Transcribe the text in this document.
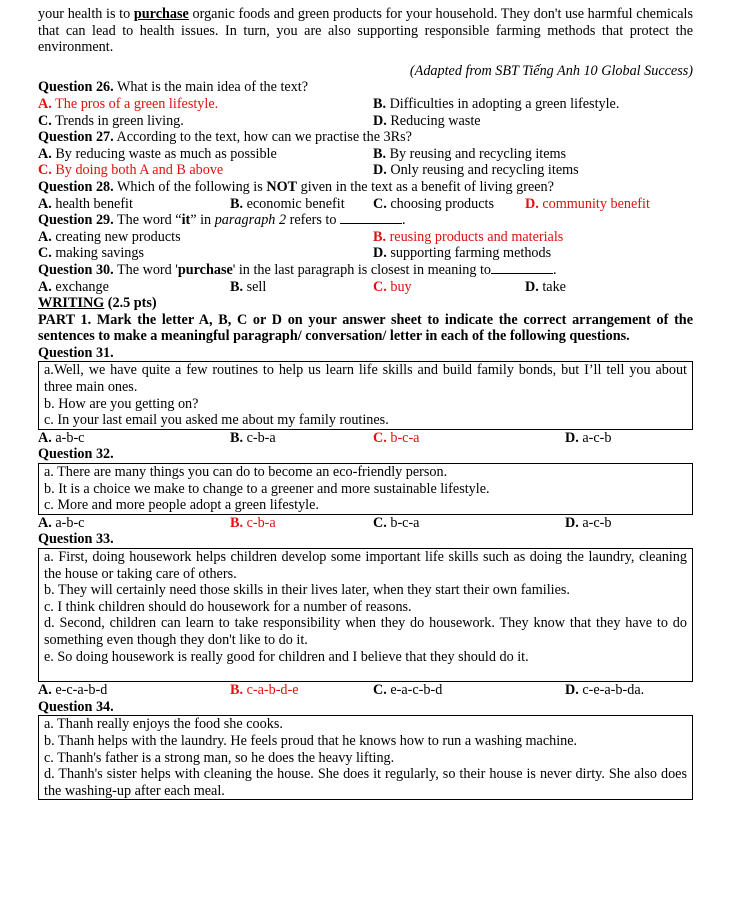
your health is to purchase organic foods and green products for your household. They don't use harmful chemicals that can lead to health issues. In turn, you are also supporting responsible farming methods that protect the environment.
(Adapted from SBT Tiếng Anh 10 Global Success)
Question 26. What is the main idea of the text?
A. The pros of a green lifestyle.	B. Difficulties in adopting a green lifestyle.
C. Trends in green living.	D. Reducing waste
Question 27. According to the text, how can we practise the 3Rs?
A. By reducing waste as much as possible	B. By reusing and recycling items
C. By doing both A and B above	D. Only reusing and recycling items
Question 28. Which of the following is NOT given in the text as a benefit of living green?
A. health benefit	B. economic benefit C. choosing products D. community benefit
Question 29. The word “it” in paragraph 2 refers to	.
A. creating new products	B. reusing products and materials
C. making savings	D. supporting farming methods
Question 30. The word 'purchase' in the last paragraph is closest in meaning to	.
A. exchange	B. sell	C. buy	D. take
WRITING (2.5 pts)
PART 1. Mark the letter A, B, C or D on your answer sheet to indicate the correct arrangement of the sentences to make a meaningful paragraph/ conversation/ letter in each of the following questions.
Question 31.
a.Well, we have quite a few routines to help us learn life skills and build family bonds, but I’ll tell you about three main ones.
b. How are you getting on?
c. In your last email you asked me about my family routines.
A. a-b-c	B. c-b-a	C. b-c-a	D. a-c-b
Question 32.
a. There are many things you can do to become an eco-friendly person.
b. It is a choice we make to change to a greener and more sustainable lifestyle.
c. More and more people adopt a green lifestyle.
A. a-b-c	B. c-b-a	C. b-c-a	D. a-c-b
Question 33.
a. First, doing housework helps children develop some important life skills such as doing the laundry, cleaning the house or taking care of others.
b. They will certainly need those skills in their lives later, when they start their own families.
c. I think children should do housework for a number of reasons.
d. Second, children can learn to take responsibility when they do housework. They know that they have to do something even though they don't like to do it.
e. So doing housework is really good for children and I believe that they should do it.
A. e-c-a-b-d	B. c-a-b-d-e	C. e-a-c-b-d	D. c-e-a-b-da.
Question 34.
a. Thanh really enjoys the food she cooks.
b. Thanh helps with the laundry. He feels proud that he knows how to run a washing machine.
c. Thanh's father is a strong man, so he does the heavy lifting.
d. Thanh's sister helps with cleaning the house. She does it regularly, so their house is never dirty. She also does the washing-up after each meal.
